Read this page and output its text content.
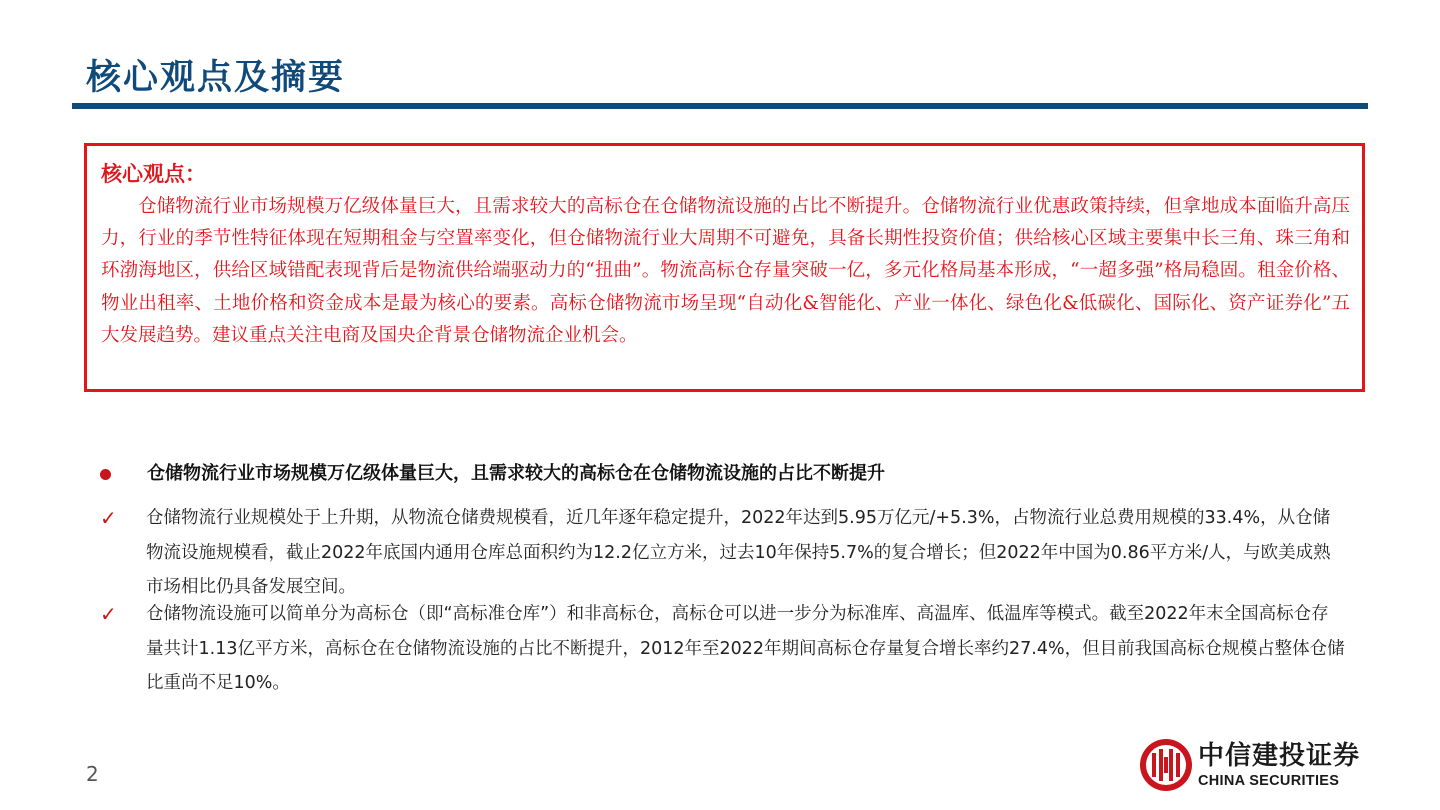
核心观点及摘要
核心观点：

仓储物流行业市场规模万亿级体量巨大，且需求较大的高标仓在仓储物流设施的占比不断提升。仓储物流行业优惠政策持续，但拿地成本面临升高压力，行业的季节性特征体现在短期租金与空置率变化，但仓储物流行业大周期不可避免，具备长期性投资价值；供给核心区域主要集中长三角、珠三角和环渤海地区，供给区域错配表现背后是物流供给端驱动力的“扭曲”。物流高标仓存量突破一亿，多元化格局基本形成，“一超多强”格局稳固。租金价格、物业出租率、土地价格和资金成本是最为核心的要素。高标仓储物流市场呈现“自动化&智能化、产业一体化、绿色化&低碳化、国际化、资产证券化”五大发展趋势。建议重点关注电商及国央企背景仓储物流企业机会。

仓储物流行业市场规模万亿级体量巨大，且需求较大的高标仓在仓储物流设施的占比不断提升
✓	仓储物流行业规模处于上升期，从物流仓储费规模看，近几年逐年稳定提升，2022年达到5.95万亿元/+5.3%，占物流行业总费用规模的33.4%，从仓储物流设施规模看，截止2022年底国内通用仓库总面积约为12.2亿立方米，过去10年保持5.7%的复合增长；但2022年中国为0.86平方米/人，与欧美成熟市场相比仍具备发展空间。

✓	仓储物流设施可以简单分为高标仓（即“高标准仓库”）和非高标仓，高标仓可以进一步分为标准库、高温库、低温库等模式。截至2022年末全国高标仓存量共计1.13亿平方米，高标仓在仓储物流设施的占比不断提升，2012年至2022年期间高标仓存量复合增长率约27.4%，但目前我国高标仓规模占整体仓储比重尚不足10%。

2
中信建投证券
CHINA SECURITIES
